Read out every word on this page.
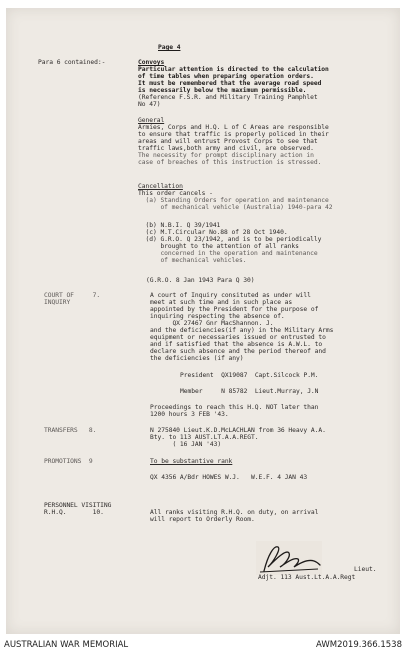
Page 4
Para 6 contained:-	Convoys
Particular attention is directed to the calculation
of time tables when preparing operation orders.
It must be remembered that the average road speed
is necessarily below the maximum permissible.
(Reference F.S.R. and Military Training Pamphlet
No 47)
General
Armies, Corps and H.Q. L of C Areas are responsible
to ensure that traffic is properly policed in their
areas and will entrust Provost Corps to see that
traffic laws,both army and civil, are observed.
The necessity for prompt disciplinary action in
case of breaches of this instruction is stressed.
Cancellation
This order cancels -
(a) Standing Orders for operation and maintenance
of mechanical vehicle (Australia) 1940-para 42
(b) N.B.I. Q 39/1941
(c) M.T.Circular No.88 of 28 Oct 1940.
(d) G.R.O. Q 23/1942, and is to be periodically
brought to the attention of all ranks
concerned in the operation and maintenance
of mechanical vehicles.
(G.R.O. 8 Jan 1943 Para Q 30)
COURT OF     7.
INQUIRY
A court of Inquiry consituted as under will
meet at such time and in such place as
appointed by the President for the purpose of
inquiring respecting the absence of.
QX 27467 Gnr MacShannon. J.
and the deficiencies(if any) in the Military Arms
equipment or necessaries issued or entrusted to
and if satisfied that the absence is A.W.L. to
declare such absence and the period thereof and
the deficiencies (if any)
President  QX19087  Capt.Silcock P.M.
Member     N 85782  Lieut.Murray, J.N
Proceedings to reach this H.Q. NOT later than
1200 hours 3 FEB '43.
TRANSFERS   8.	N 275840 Lieut.K.D.McLACHLAN from 36 Heavy A.A.
Bty. to 113 AUST.LT.A.A.REGT.
( 16 JAN '43)
PROMOTIONS  9	To be substantive rank
QX 4356 A/Bdr HOWES W.J.   W.E.F. 4 JAN 43
PERSONNEL VISITING
R.H.Q.       10.	All ranks visiting R.H.Q. on duty, on arrival
will report to Orderly Room.
Lieut.
Adjt. 113 Aust.Lt.A.A.Regt
AUSTRALIAN WAR MEMORIAL	AWM2019.366.1538
